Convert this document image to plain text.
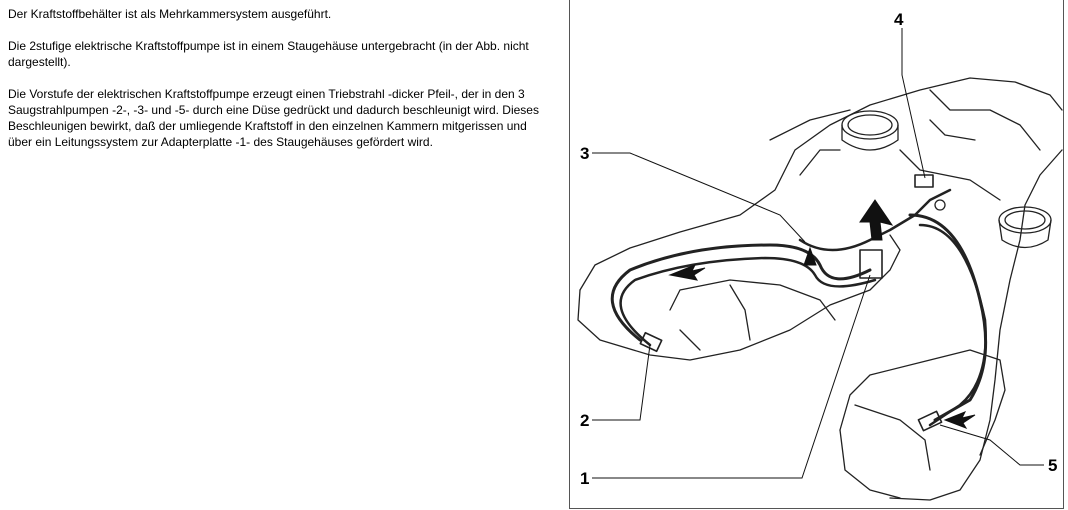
Der Kraftstoffbehälter ist als Mehrkammersystem ausgeführt.

Die 2stufige elektrische Kraftstoffpumpe ist in einem Staugehäuse untergebracht (in der Abb. nicht dargestellt).

Die Vorstufe der elektrischen Kraftstoffpumpe erzeugt einen Triebstrahl -dicker Pfeil-, der in den 3 Saugstrahlpumpen -2-, -3- und -5- durch eine Düse gedrückt und dadurch beschleunigt wird. Dieses Beschleunigen bewirkt, daß der umliegende Kraftstoff in den einzelnen Kammern mitgerissen und über ein Leitungssystem zur Adapterplatte -1- des Staugehäuses gefördert wird.

1
2
3
4
5
